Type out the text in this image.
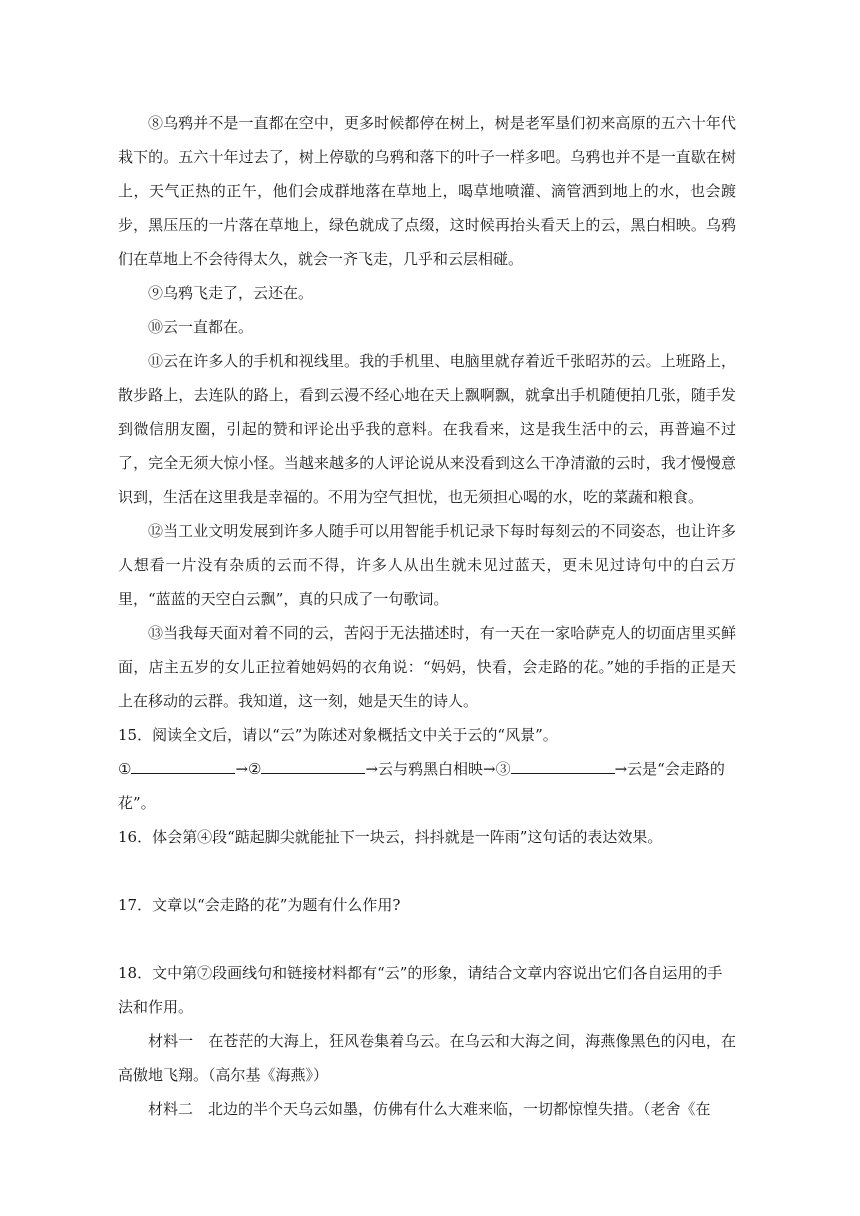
⑧乌鸦并不是一直都在空中，更多时候都停在树上，树是老军垦们初来高原的五六十年代栽下的。五六十年过去了，树上停歇的乌鸦和落下的叶子一样多吧。乌鸦也并不是一直歇在树上，天气正热的正午，他们会成群地落在草地上，喝草地喷灌、滴管洒到地上的水，也会踱步，黑压压的一片落在草地上，绿色就成了点缀，这时候再抬头看天上的云，黑白相映。乌鸦们在草地上不会待得太久，就会一齐飞走，几乎和云层相碰。

⑨乌鸦飞走了，云还在。

⑩云一直都在。

⑪云在许多人的手机和视线里。我的手机里、电脑里就存着近千张昭苏的云。上班路上，散步路上，去连队的路上，看到云漫不经心地在天上飘啊飘，就拿出手机随便拍几张，随手发到微信朋友圈，引起的赞和评论出乎我的意料。在我看来，这是我生活中的云，再普遍不过了，完全无须大惊小怪。当越来越多的人评论说从来没看到这么干净清澈的云时，我才慢慢意识到，生活在这里我是幸福的。不用为空气担忧，也无须担心喝的水，吃的菜蔬和粮食。

⑫当工业文明发展到许多人随手可以用智能手机记录下每时每刻云的不同姿态，也让许多人想看一片没有杂质的云而不得，许多人从出生就未见过蓝天，更未见过诗句中的白云万里，“蓝蓝的天空白云飘”，真的只成了一句歌词。

⑬当我每天面对着不同的云，苦闷于无法描述时，有一天在一家哈萨克人的切面店里买鲜面，店主五岁的女儿正拉着她妈妈的衣角说：“妈妈，快看，会走路的花。”她的手指的正是天上在移动的云群。我知道，这一刻，她是天生的诗人。

15．阅读全文后，请以“云”为陈述对象概括文中关于云的“风景”。

①	→②	→云与鸦黑白相映→③	→云是“会走路的花”。

16．体会第④段“踮起脚尖就能扯下一块云，抖抖就是一阵雨”这句话的表达效果。

17．文章以“会走路的花”为题有什么作用?

18．文中第⑦段画线句和链接材料都有“云”的形象，请结合文章内容说出它们各自运用的手法和作用。

材料一　在苍茫的大海上，狂风卷集着乌云。在乌云和大海之间，海燕像黑色的闪电，在高傲地飞翔。（高尔基《海燕》）

材料二　北边的半个天乌云如墨，仿佛有什么大难来临，一切都惊惶失措。（老舍《在
